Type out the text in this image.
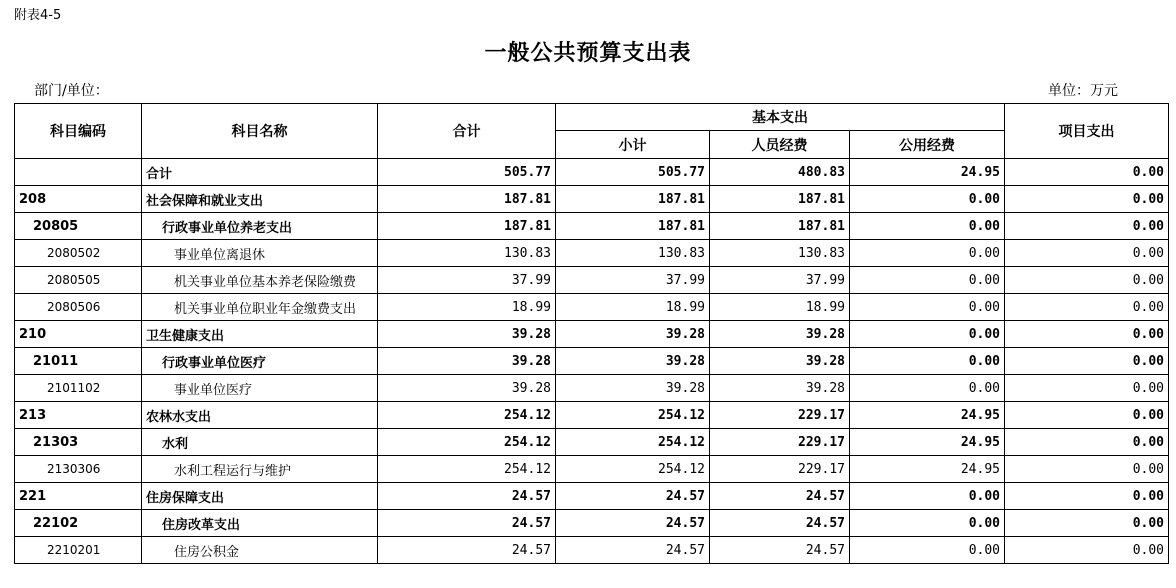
附表4-5
一般公共预算支出表
部门/单位：	单位：万元
科目编码	科目名称	合计	基本支出			项目支出
			小计	人员经费	公用经费	
	合计	505.77	505.77	480.83	24.95	0.00
208	社会保障和就业支出	187.81	187.81	187.81	0.00	0.00
20805	行政事业单位养老支出	187.81	187.81	187.81	0.00	0.00
2080502	事业单位离退休	130.83	130.83	130.83	0.00	0.00
2080505	机关事业单位基本养老保险缴费	37.99	37.99	37.99	0.00	0.00
2080506	机关事业单位职业年金缴费支出	18.99	18.99	18.99	0.00	0.00
210	卫生健康支出	39.28	39.28	39.28	0.00	0.00
21011	行政事业单位医疗	39.28	39.28	39.28	0.00	0.00
2101102	事业单位医疗	39.28	39.28	39.28	0.00	0.00
213	农林水支出	254.12	254.12	229.17	24.95	0.00
21303	水利	254.12	254.12	229.17	24.95	0.00
2130306	水利工程运行与维护	254.12	254.12	229.17	24.95	0.00
221	住房保障支出	24.57	24.57	24.57	0.00	0.00
22102	住房改革支出	24.57	24.57	24.57	0.00	0.00
2210201	住房公积金	24.57	24.57	24.57	0.00	0.00
